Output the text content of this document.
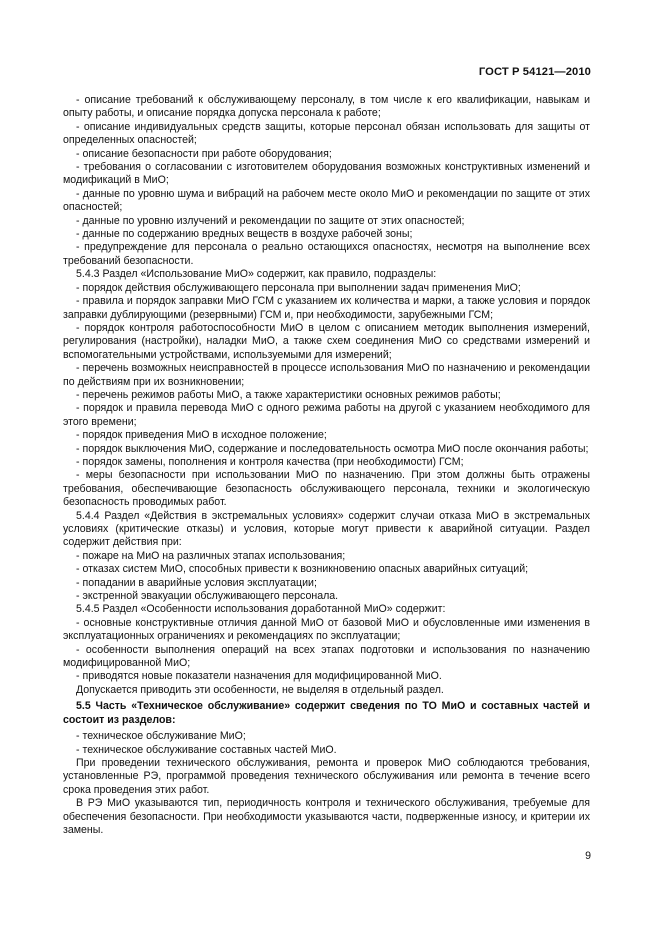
ГОСТ Р 54121—2010

- описание требований к обслуживающему персоналу, в том числе к его квалификации, навыкам и опыту работы, и описание порядка допуска персонала к работе;

- описание индивидуальных средств защиты, которые персонал обязан использовать для защиты от определенных опасностей;

- описание безопасности при работе оборудования;

- требования о согласовании с изготовителем оборудования возможных конструктивных изменений и модификаций в МиО;

- данные по уровню шума и вибраций на рабочем месте около МиО и рекомендации по защите от этих опасностей;

- данные по уровню излучений и рекомендации по защите от этих опасностей;

- данные по содержанию вредных веществ в воздухе рабочей зоны;

- предупреждение для персонала о реально остающихся опасностях, несмотря на выполнение всех требований безопасности.

5.4.3 Раздел «Использование МиО» содержит, как правило, подразделы:

- порядок действия обслуживающего персонала при выполнении задач применения МиО;

- правила и порядок заправки МиО ГСМ с указанием их количества и марки, а также условия и порядок заправки дублирующими (резервными) ГСМ и, при необходимости, зарубежными ГСМ;

- порядок контроля работоспособности МиО в целом с описанием методик выполнения измерений, регулирования (настройки), наладки МиО, а также схем соединения МиО со средствами измерений и вспомогательными устройствами, используемыми для измерений;

- перечень возможных неисправностей в процессе использования МиО по назначению и рекомендации по действиям при их возникновении;

- перечень режимов работы МиО, а также характеристики основных режимов работы;

- порядок и правила перевода МиО с одного режима работы на другой с указанием необходимого для этого времени;

- порядок приведения МиО в исходное положение;

- порядок выключения МиО, содержание и последовательность осмотра МиО после окончания работы;

- порядок замены, пополнения и контроля качества (при необходимости) ГСМ;

- меры безопасности при использовании МиО по назначению. При этом должны быть отражены требования, обеспечивающие безопасность обслуживающего персонала, техники и экологическую безопасность проводимых работ.

5.4.4 Раздел «Действия в экстремальных условиях» содержит случаи отказа МиО в экстремальных условиях (критические отказы) и условия, которые могут привести к аварийной ситуации. Раздел содержит действия при:

- пожаре на МиО на различных этапах использования;

- отказах систем МиО, способных привести к возникновению опасных аварийных ситуаций;

- попадании в аварийные условия эксплуатации;

- экстренной эвакуации обслуживающего персонала.

5.4.5 Раздел «Особенности использования доработанной МиО» содержит:

- основные конструктивные отличия данной МиО от базовой МиО и обусловленные ими изменения в эксплуатационных ограничениях и рекомендациях по эксплуатации;

- особенности выполнения операций на всех этапах подготовки и использования по назначению модифицированной МиО;

- приводятся новые показатели назначения для модифицированной МиО.

Допускается приводить эти особенности, не выделяя в отдельный раздел.

5.5 Часть «Техническое обслуживание» содержит сведения по ТО МиО и составных частей и состоит из разделов:

- техническое обслуживание МиО;

- техническое обслуживание составных частей МиО.

При проведении технического обслуживания, ремонта и проверок МиО соблюдаются требования, установленные РЭ, программой проведения технического обслуживания или ремонта в течение всего срока проведения этих работ.

В РЭ МиО указываются тип, периодичность контроля и технического обслуживания, требуемые для обеспечения безопасности. При необходимости указываются части, подверженные износу, и критерии их замены.

9
